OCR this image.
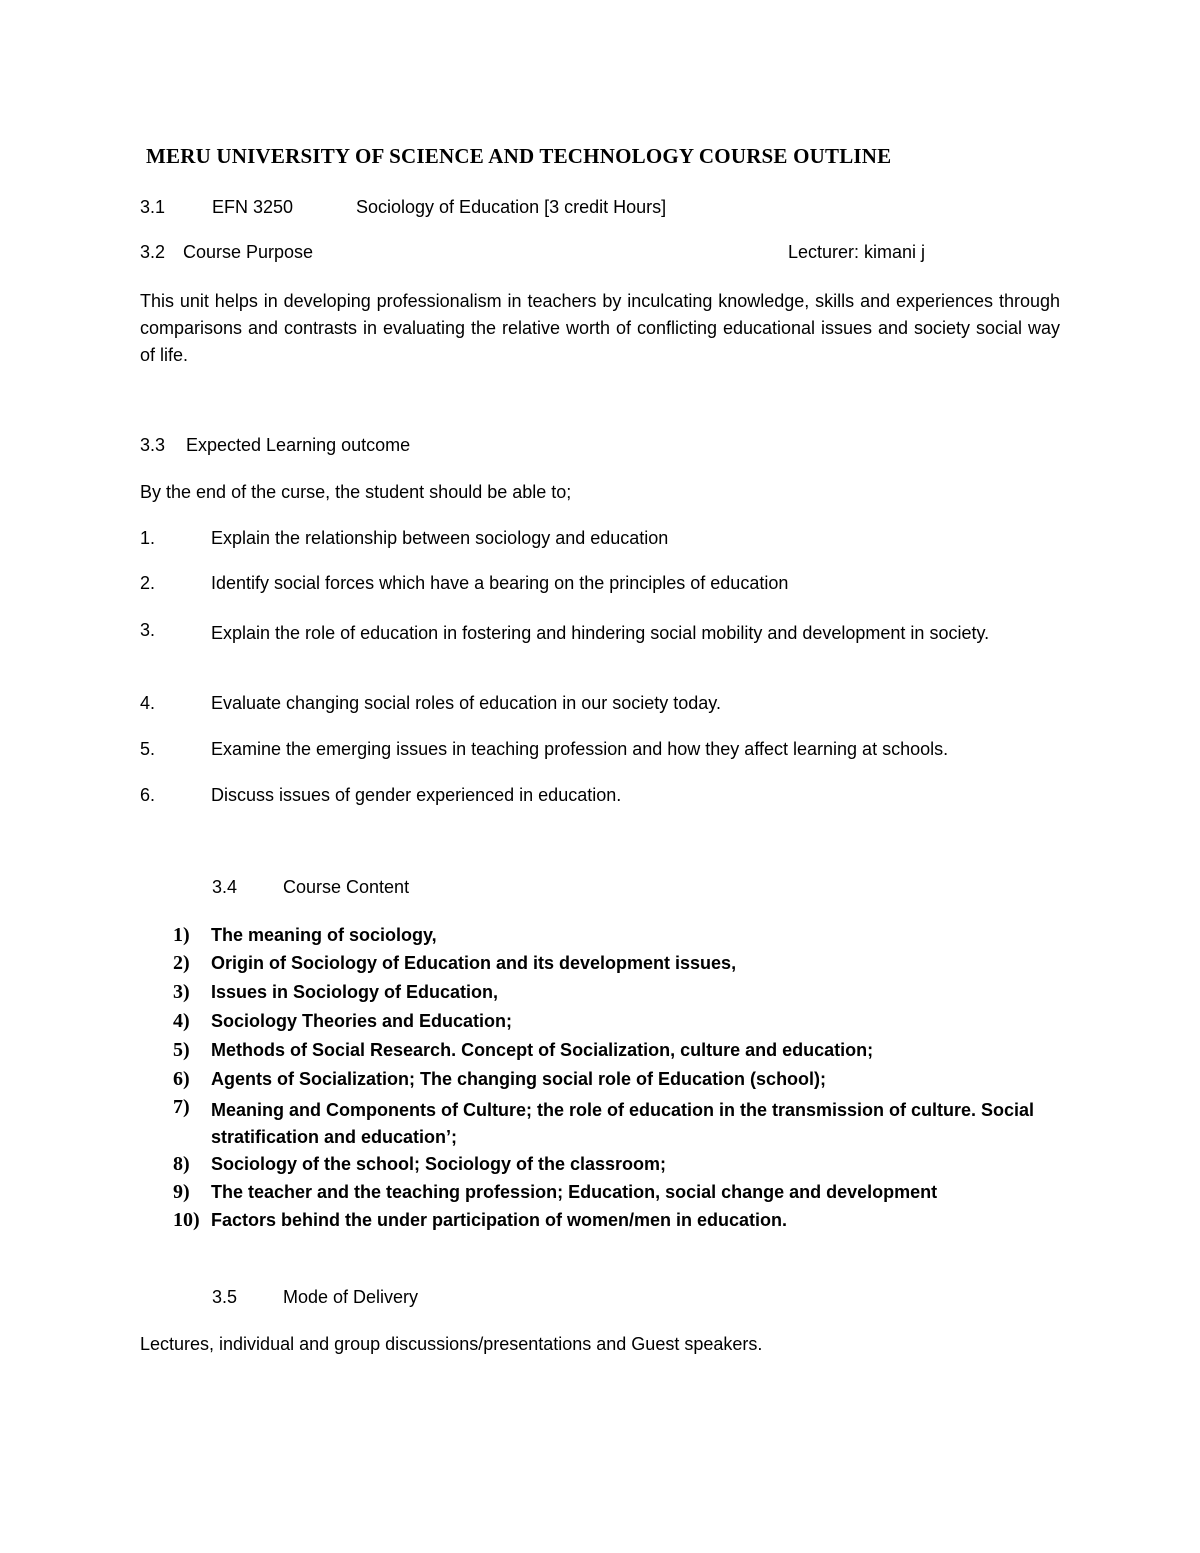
MERU UNIVERSITY OF SCIENCE AND TECHNOLOGY COURSE OUTLINE
3.1	EFN 3250	Sociology of Education [3 credit Hours]
3.2 Course Purpose	Lecturer: kimani j
This unit helps in developing professionalism in teachers by inculcating knowledge, skills and experiences through comparisons and contrasts in evaluating the relative worth of conflicting educational issues and society social way of life.
3.3 Expected Learning outcome
By the end of the curse, the student should be able to;
1.	Explain the relationship between sociology and education
2.	Identify social forces which have a bearing on the principles of education
3.	Explain the role of education in fostering and hindering social mobility and development in society.
4.	Evaluate changing social roles of education in our society today.
5.	Examine the emerging issues in teaching profession and how they affect learning at schools.
6.	Discuss issues of gender experienced in education.
3.4	Course Content
1) The meaning of sociology,
2) Origin of Sociology of Education and its development issues,
3) Issues in Sociology of Education,
4) Sociology Theories and Education;
5) Methods of Social Research. Concept of Socialization, culture and education;
6) Agents of Socialization; The changing social role of Education (school);
7) Meaning and Components of Culture; the role of education in the transmission of culture. Social stratification and education’;
8) Sociology of the school; Sociology of the classroom;
9) The teacher and the teaching profession; Education, social change and development
10) Factors behind the under participation of women/men in education.
3.5	Mode of Delivery
Lectures, individual and group discussions/presentations and Guest speakers.
